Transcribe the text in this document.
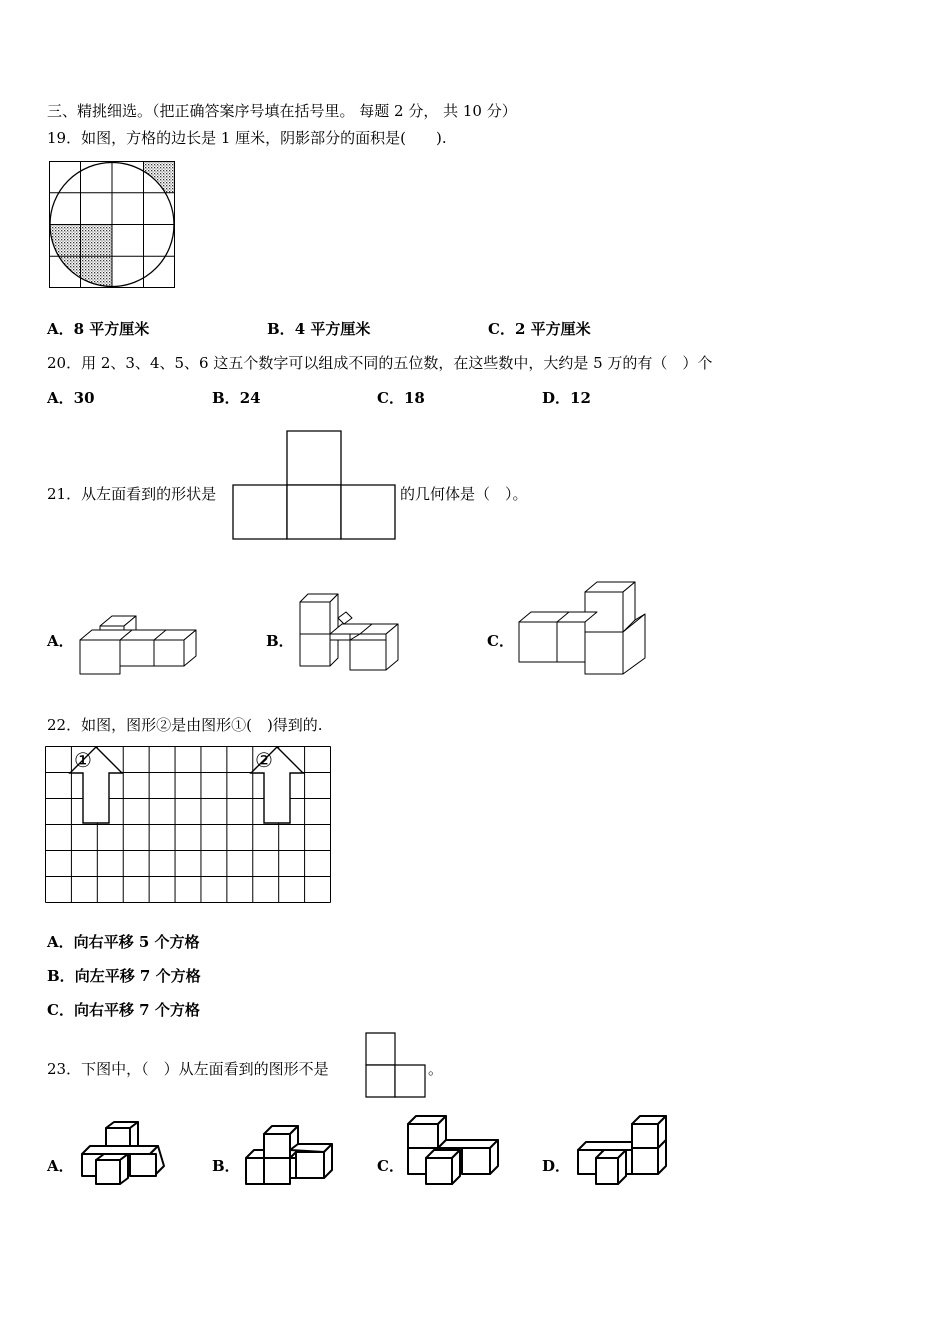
三、精挑细选。（把正确答案序号填在括号里。 每题 2 分， 共 10 分）
19．如图，方格的边长是 1 厘米，阴影部分的面积是(　　).
A．8 平方厘米	B．4 平方厘米	C．2 平方厘米
20．用 2、3、4、5、6 这五个数字可以组成不同的五位数，在这些数中，大约是 5 万的有（　）个
A．30	B．24	C．18	D．12
21．从左面看到的形状是	的几何体是（　）。
A．	B．	C．
22．如图，图形②是由图形①(　)得到的.
①	②
A．向右平移 5 个方格
B．向左平移 7 个方格
C．向右平移 7 个方格
23．下图中，（　）从左面看到的图形不是	。
A．	B．	C．	D．
